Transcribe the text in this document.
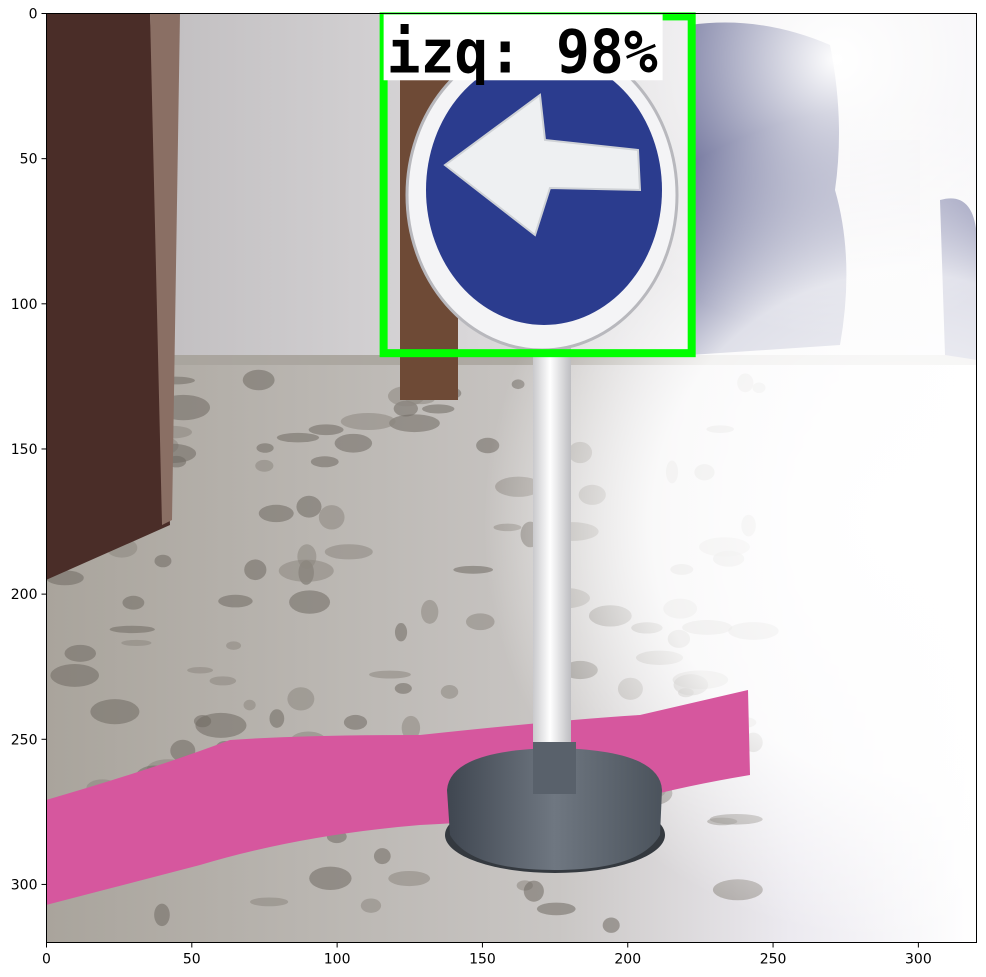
izq: 98%
0	50	100	150	200	250	300
0
50
100
150
200
250
300
